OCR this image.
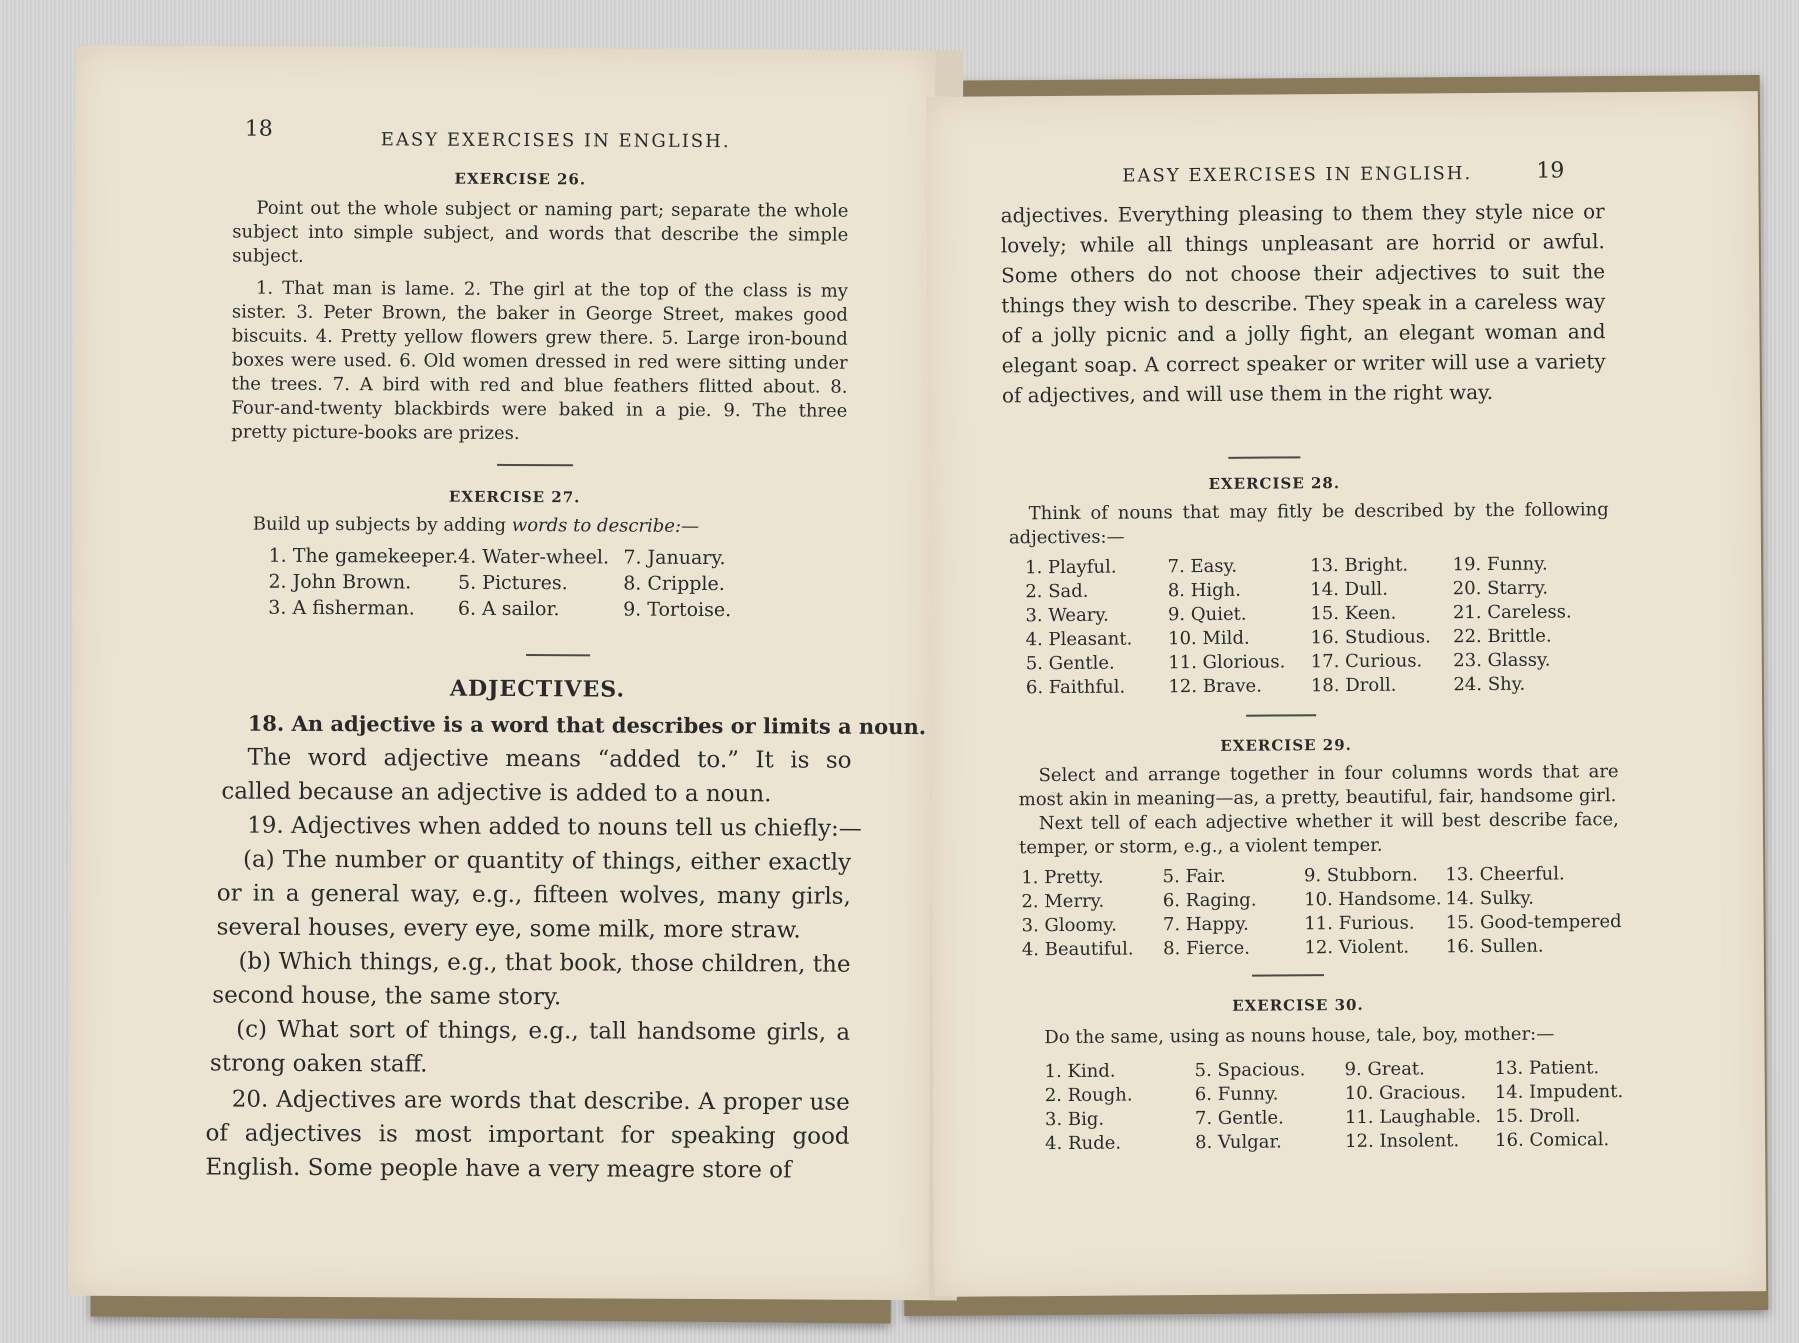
18	EASY EXERCISES IN ENGLISH.
EXERCISE 26.
Point out the whole subject or naming part; separate the whole subject into simple subject, and words that describe the simple subject.
1. That man is lame. 2. The girl at the top of the class is my sister. 3. Peter Brown, the baker in George Street, makes good biscuits. 4. Pretty yellow flowers grew there. 5. Large iron-bound boxes were used. 6. Old women dressed in red were sitting under the trees. 7. A bird with red and blue feathers flitted about. 8. Four-and-twenty blackbirds were baked in a pie. 9. The three pretty picture-books are prizes.
EXERCISE 27.
Build up subjects by adding words to describe:—
1. The gamekeeper. 4. Water-wheel. 7. January.
2. John Brown.	5. Pictures.	8. Cripple.
3. A fisherman.	6. A sailor.	9. Tortoise.
ADJECTIVES.
18. An adjective is a word that describes or limits a noun.
The word adjective means “added to.” It is so called because an adjective is added to a noun.
19. Adjectives when added to nouns tell us chiefly:—
(a) The number or quantity of things, either exactly or in a general way, e.g., fifteen wolves, many girls, several houses, every eye, some milk, more straw.
(b) Which things, e.g., that book, those children, the second house, the same story.
(c) What sort of things, e.g., tall handsome girls, a strong oaken staff.
20. Adjectives are words that describe. A proper use of adjectives is most important for speaking good English. Some people have a very meagre store of
EASY EXERCISES IN ENGLISH.	19
adjectives. Everything pleasing to them they style nice or lovely; while all things unpleasant are horrid or awful. Some others do not choose their adjectives to suit the things they wish to describe. They speak in a careless way of a jolly picnic and a jolly fight, an elegant woman and elegant soap. A correct speaker or writer will use a variety of adjectives, and will use them in the right way.
EXERCISE 28.
Think of nouns that may fitly be described by the following adjectives:—
1. Playful.	7. Easy.	13. Bright.	19. Funny.
2. Sad.	8. High.	14. Dull.	20. Starry.
3. Weary.	9. Quiet.	15. Keen.	21. Careless.
4. Pleasant.	10. Mild.	16. Studious.	22. Brittle.
5. Gentle.	11. Glorious.	17. Curious.	23. Glassy.
6. Faithful.	12. Brave.	18. Droll.	24. Shy.
EXERCISE 29.
Select and arrange together in four columns words that are most akin in meaning—as, a pretty, beautiful, fair, handsome girl.
Next tell of each adjective whether it will best describe face, temper, or storm, e.g., a violent temper.
1. Pretty.	5. Fair.	9. Stubborn.	13. Cheerful.
2. Merry.	6. Raging.	10. Handsome. 14. Sulky.
3. Gloomy.	7. Happy.	11. Furious.	15. Good-tempered
4. Beautiful.	8. Fierce.	12. Violent.	16. Sullen.
EXERCISE 30.
Do the same, using as nouns house, tale, boy, mother:—
1. Kind.	5. Spacious.	9. Great.	13. Patient.
2. Rough.	6. Funny.	10. Gracious.	14. Impudent.
3. Big.	7. Gentle.	11. Laughable. 15. Droll.
4. Rude.	8. Vulgar.	12. Insolent.	16. Comical.
